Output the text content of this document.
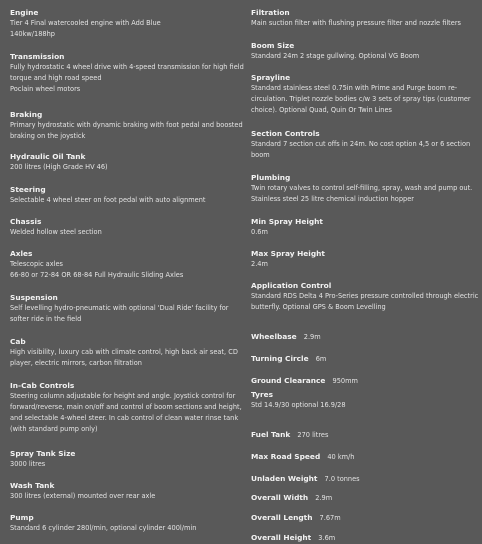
Engine
Tier 4 Final watercooled engine with Add Blue
140kw/188hp
Transmission
Fully hydrostatic 4 wheel drive with 4-speed transmission for high field torque and high road speed
Poclain wheel motors
Braking
Primary hydrostatic with dynamic braking with foot pedal and boosted braking on the joystick
Hydraulic Oil Tank
200 litres (High Grade HV 46)
Steering
Selectable 4 wheel steer on foot pedal with auto alignment
Chassis
Welded hollow steel section
Axles
Telescopic axles
66-80 or 72-84 OR 68-84 Full Hydraulic Sliding Axles
Suspension
Self levelling hydro-pneumatic with optional 'Dual Ride' facility for softer ride in the field
Cab
High visibility, luxury cab with climate control, high back air seat, CD player, electric mirrors, carbon filtration
In-Cab Controls
Steering column adjustable for height and angle. Joystick control for forward/reverse, main on/off and control of boom sections and height, and selectable 4-wheel steer. In cab control of clean water rinse tank (with standard pump only)
Spray Tank Size
3000 litres
Wash Tank
300 litres (external) mounted over rear axle
Pump
Standard 6 cylinder 280l/min, optional cylinder 400l/min
Filtration
Main suction filter with flushing pressure filter and nozzle filters
Boom Size
Standard 24m 2 stage gullwing. Optional VG Boom
Sprayline
Standard stainless steel 0.75in with Prime and Purge boom re-circulation. Triplet nozzle bodies c/w 3 sets of spray tips (customer choice). Optional Quad, Quin Or Twin Lines
Section Controls
Standard 7 section cut offs in 24m. No cost option 4,5 or 6 section boom
Plumbing
Twin rotary valves to control self-filling, spray, wash and pump out. Stainless steel 25 litre chemical induction hopper
Min Spray Height
0.6m
Max Spray Height
2.4m
Application Control
Standard RDS Delta 4 Pro-Series pressure controlled through electric butterfly. Optional GPS & Boom Levelling
Wheelbase 2.9m
Turning Circle 6m
Ground Clearance 950mm
Tyres
Std 14.9/30 optional 16.9/28
Fuel Tank 270 litres
Max Road Speed 40 km/h
Unladen Weight 7.0 tonnes
Overall Width 2.9m
Overall Length 7.67m
Overall Height 3.6m
